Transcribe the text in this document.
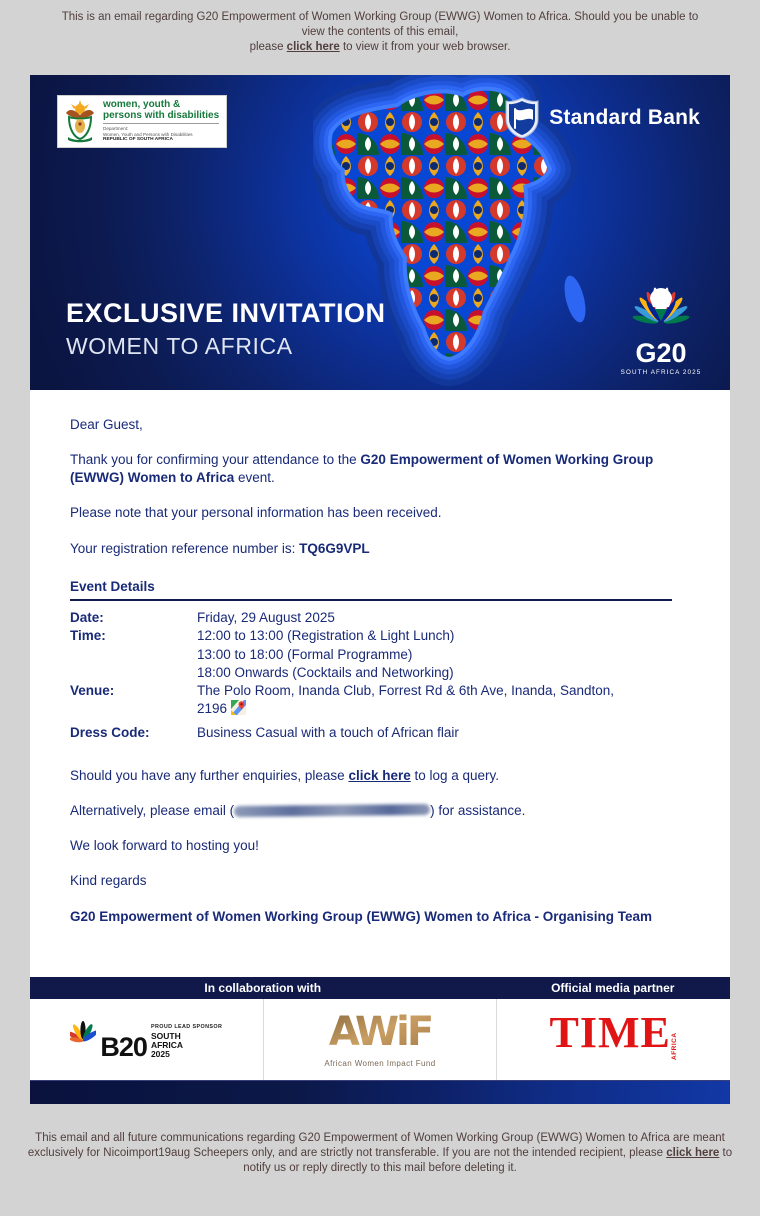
This is an email regarding G20 Empowerment of Women Working Group (EWWG) Women to Africa. Should you be unable to view the contents of this email,
please click here to view it from your web browser.
women, youth &
persons with disabilities
Department:
Women, Youth and Persons with Disabilities
REPUBLIC OF SOUTH AFRICA
Standard Bank
EXCLUSIVE INVITATION
WOMEN TO AFRICA	G20
SOUTH AFRICA 2025

Dear Guest,

Thank you for confirming your attendance to the G20 Empowerment of Women Working Group (EWWG) Women to Africa event.

Please note that your personal information has been received.

Your registration reference number is: TQ6G9VPL

Event Details
Date:	Friday, 29 August 2025
Time:	12:00 to 13:00 (Registration & Light Lunch)
13:00 to 18:00 (Formal Programme)
18:00 Onwards (Cocktails and Networking)
Venue:	The Polo Room, Inanda Club, Forrest Rd & 6th Ave, Inanda, Sandton,
2196
Dress Code:	Business Casual with a touch of African flair

Should you have any further enquiries, please click here to log a query.

Alternatively, please email (	) for assistance.

We look forward to hosting you!

Kind regards

G20 Empowerment of Women Working Group (EWWG) Women to Africa - Organising Team

In collaboration with	Official media partner
B20
PROUD LEAD SPONSOR
SOUTH
AFRICA
2025	AWiF
African Women Impact Fund
TIME AFRICA
This email and all future communications regarding G20 Empowerment of Women Working Group (EWWG) Women to Africa are meant exclusively for Nicoimport19aug Scheepers only, and are strictly not transferable. If you are not the intended recipient, please click here to notify us or reply directly to this mail before deleting it.
